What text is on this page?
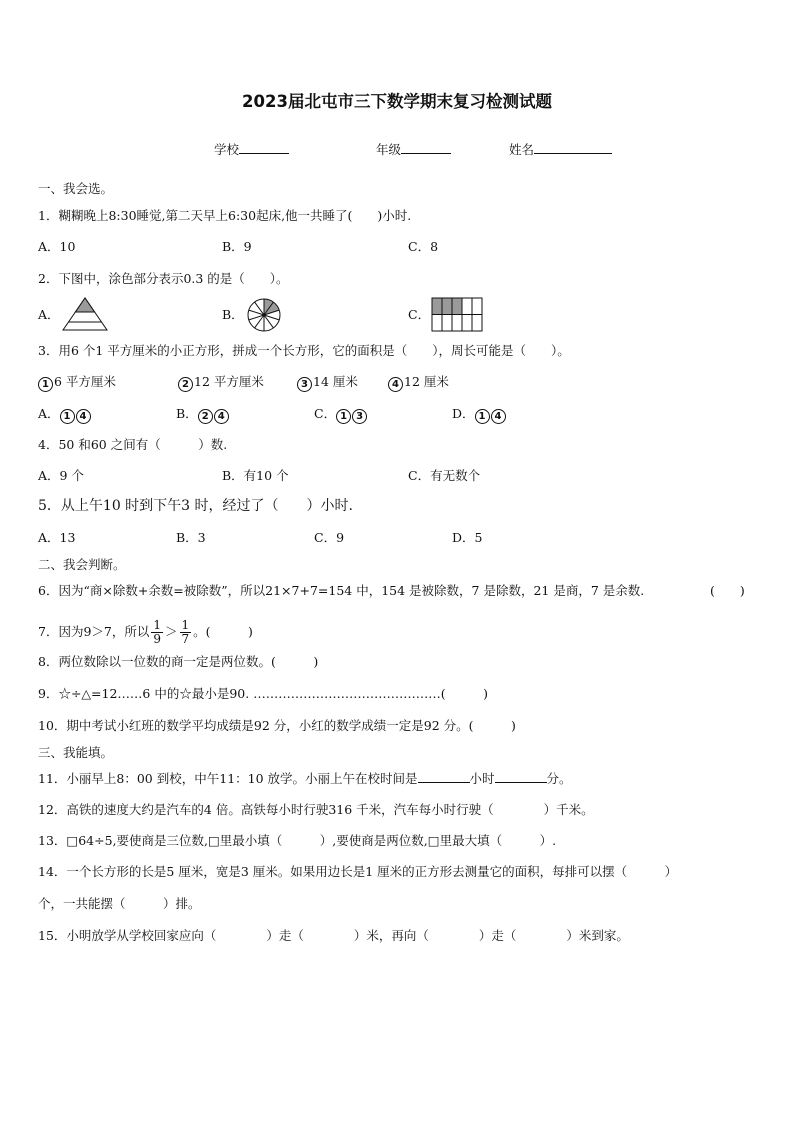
2023届北屯市三下数学期末复习检测试题
学校	年级	姓名
一、我会选。
1．糊糊晚上8:30睡觉,第二天早上6:30起床,他一共睡了(　　)小时.
A．10	B．9	C．8
2．下图中，涂色部分表示0.3 的是（　　）。
A．	B．	C．
3．用6 个1 平方厘米的小正方形，拼成一个长方形，它的面积是（　　），周长可能是（　　）。
1 6 平方厘米	2 12 平方厘米	3 14 厘米	4 12 厘米
A． 1 4	B． 2 4	C． 1 3	D． 1 4
4．50 和60 之间有（　　　）数.
A．9 个	B．有10 个	C．有无数个
5．从上午10 时到下午3 时，经过了（　　）小时.
A．13	B．3	C．9	D．5
二、我会判断。
6．因为“商×除数+余数=被除数”，所以21×7+7=154 中，154 是被除数，7 是除数，21 是商，7 是余数.	(　　)
7．因为9＞7，所以 $\frac{1}{9} > \frac{1}{7}$ 。(　　　)
8．两位数除以一位数的商一定是两位数。(　　　)
9．☆÷△=12……6 中的☆最小是90. ………………………………………(　　　)
10．期中考试小红班的数学平均成绩是92 分，小红的数学成绩一定是92 分。(　　　)
三、我能填。
11．小丽早上8：00 到校，中午11：10 放学。小丽上午在校时间是	小时	分。
12．高铁的速度大约是汽车的4 倍。高铁每小时行驶316 千米，汽车每小时行驶（　　　　）千米。
13．□64÷5,要使商是三位数,□里最小填（　　　）,要使商是两位数,□里最大填（　　　）.
14．一个长方形的长是5 厘米，宽是3 厘米。如果用边长是1 厘米的正方形去测量它的面积，每排可以摆（　　　）
个，一共能摆（　　　）排。
15．小明放学从学校回家应向（　　　　）走（　　　　）米，再向（　　　　）走（　　　　）米到家。
